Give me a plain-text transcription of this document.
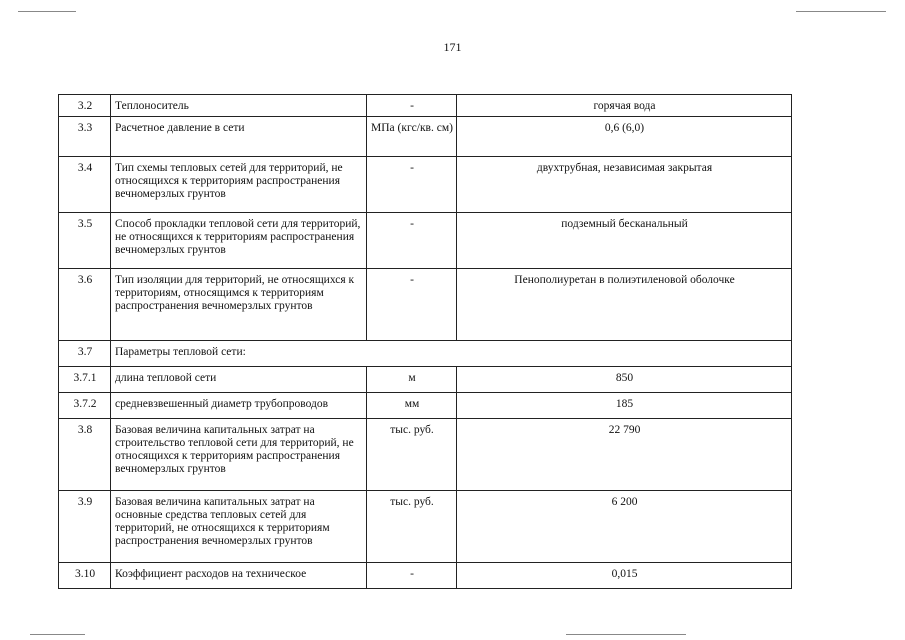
171
3.2	Теплоноситель	-	горячая вода
3.3	Расчетное давление в сети	МПа (кгс/кв. см)	0,6 (6,0)
3.4	Тип схемы тепловых сетей для территорий, не относящихся к территориям распространения вечномерзлых грунтов	-	двухтрубная, независимая закрытая
3.5	Способ прокладки тепловой сети для территорий, не относящихся к территориям распространения вечномерзлых грунтов	-	подземный бесканальный
3.6	Тип изоляции для территорий, не относящихся к территориям, относящимся к территориям распространения вечномерзлых грунтов	-	Пенополиуретан в полиэтиленовой оболочке
3.7	Параметры тепловой сети:		
3.7.1	длина тепловой сети	м	850
3.7.2	средневзвешенный диаметр трубопроводов	мм	185
3.8	Базовая величина капитальных затрат на строительство тепловой сети для территорий, не относящихся к территориям распространения вечномерзлых грунтов	тыс. руб.	22 790
3.9	Базовая величина капитальных затрат на основные средства тепловых сетей для территорий, не относящихся к территориям распространения вечномерзлых грунтов	тыс. руб.	6 200
3.10	Коэффициент расходов на техническое	-	0,015
